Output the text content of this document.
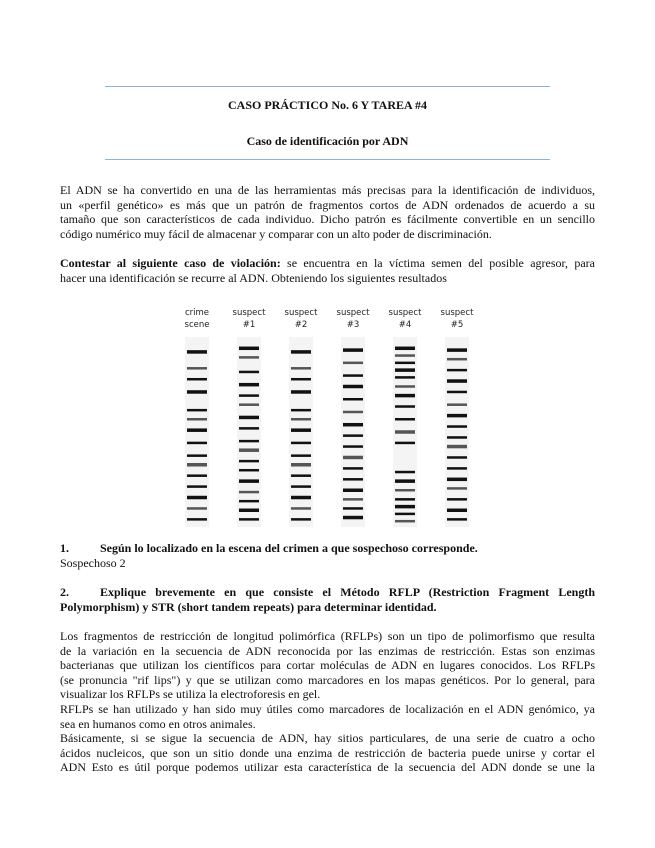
CASO PRÁCTICO No. 6 Y TAREA #4
Caso de identificación por ADN
El ADN se ha convertido en una de las herramientas más precisas para la identificación de individuos,
un «perfil genético» es más que un patrón de fragmentos cortos de ADN ordenados de acuerdo a su
tamaño que son característicos de cada individuo. Dicho patrón es fácilmente convertible en un sencillo
código numérico muy fácil de almacenar y comparar con un alto poder de discriminación.
Contestar al siguiente caso de violación: se encuentra en la víctima semen del posible agresor, para
hacer una identificación se recurre al ADN. Obteniendo los siguientes resultados
crime
scene
suspect
#1
suspect
#2
suspect
#3
suspect
#4
suspect
#5
1.	Según lo localizado en la escena del crimen a que sospechoso corresponde.
Sospechoso 2
2.	Explique brevemente en que consiste el Método RFLP (Restriction Fragment Length
Polymorphism) y STR (short tandem repeats) para determinar identidad.
Los fragmentos de restricción de longitud polimórfica (RFLPs) son un tipo de polimorfismo que resulta
de la variación en la secuencia de ADN reconocida por las enzimas de restricción. Estas son enzimas
bacterianas que utilizan los científicos para cortar moléculas de ADN en lugares conocidos. Los RFLPs
(se pronuncia "rif lips") y que se utilizan como marcadores en los mapas genéticos. Por lo general, para
visualizar los RFLPs se utiliza la electroforesis en gel.
RFLPs se han utilizado y han sido muy útiles como marcadores de localización en el ADN genómico, ya
sea en humanos como en otros animales.
Básicamente, si se sigue la secuencia de ADN, hay sitios particulares, de una serie de cuatro a ocho
ácidos nucleicos, que son un sitio donde una enzima de restricción de bacteria puede unirse y cortar el
ADN Esto es útil porque podemos utilizar esta característica de la secuencia del ADN donde se une la
